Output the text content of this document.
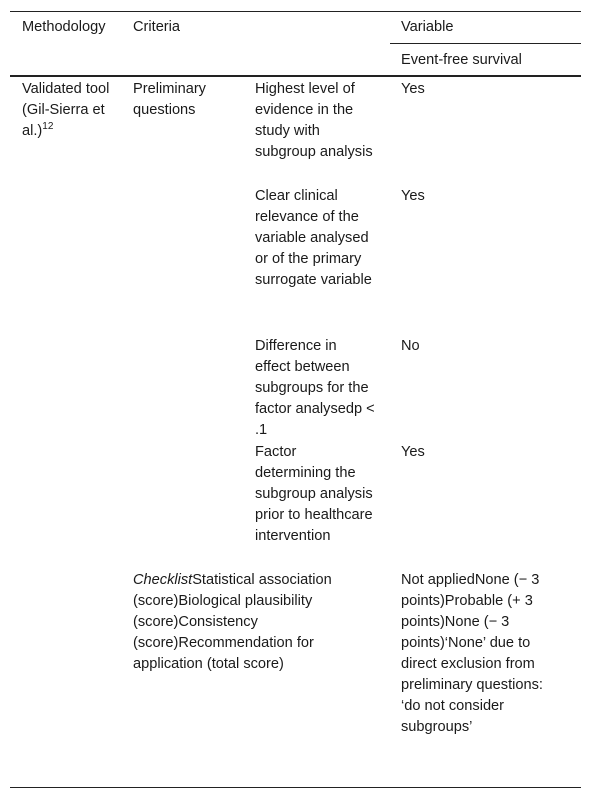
Methodology Criteria	Variable
Event-free survival
Validated tool (Gil-Sierra et al.)$^{12}$
Preliminary questions
Highest level of evidence in the study with subgroup analysis
Yes
Clear clinical relevance of the variable analysed or of the primary surrogate variable
Yes
Difference in effect between subgroups for the factor analysedp < .1
No
Factor determining the subgroup analysis prior to healthcare intervention
Yes
ChecklistStatistical association (score)Biological plausibility (score)Consistency (score)Recommendation for application (total score)
Not appliedNone (− 3 points)Probable (+ 3 points)None (− 3 points)‘None’ due to direct exclusion from preliminary questions: ‘do not consider subgroups’
